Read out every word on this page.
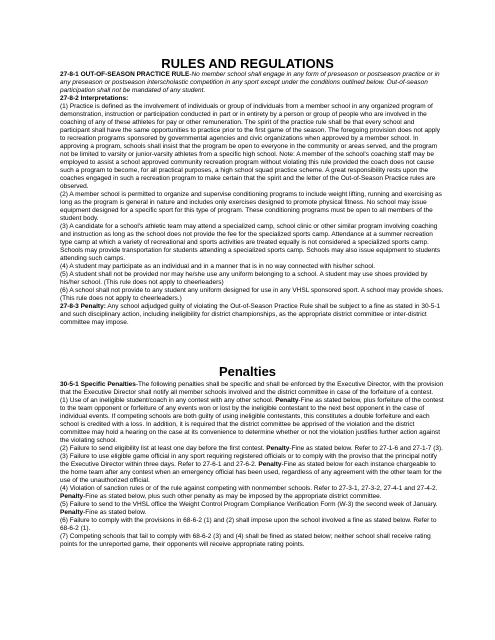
RULES AND REGULATIONS

27-8-1 OUT-OF-SEASON PRACTICE RULE-No member school shall engage in any form of preseason or postseason practice or in any preseason or postseason interscholastic competition in any sport except under the conditions outlined below. Out-of-season participation shall not be mandated of any student.

27-8-2 Interpretations:

(1) Practice is defined as the involvement of individuals or group of individuals from a member school in any organized program of demonstration, instruction or participation conducted in part or in entirety by a person or group of people who are involved in the coaching of any of these athletes for pay or other remuneration. The spirit of the practice rule shall be that every school and participant shall have the same opportunities to practice prior to the first game of the season. The foregoing provision does not apply to recreation programs sponsored by governmental agencies and civic organizations when approved by a member school. In approving a program, schools shall insist that the program be open to everyone in the community or areas served, and the program not be limited to varsity or junior-varsity athletes from a specific high school. Note: A member of the school's coaching staff may be employed to assist a school approved community recreation program without violating this rule provided the coach does not cause such a program to become, for all practical purposes, a high school squad practice scheme. A great responsibility rests upon the coaches engaged in such a recreation program to make certain that the spirit and the letter of the Out-of-Season Practice rules are observed.

(2) A member school is permitted to organize and supervise conditioning programs to include weight lifting, running and exercising as long as the program is general in nature and includes only exercises designed to promote physical fitness. No school may issue equipment designed for a specific sport for this type of program. These conditioning programs must be open to all members of the student body.

(3) A candidate for a school's athletic team may attend a specialized camp, school clinic or other similar program involving coaching and instruction as long as the school does not provide the fee for the specialized sports camp. Attendance at a summer recreation type camp at which a variety of recreational and sports activities are treated equally is not considered a specialized sports camp. Schools may provide transportation for students attending a specialized sports camp. Schools may also issue equipment to students attending such camps.

(4) A student may participate as an individual and in a manner that is in no way connected with his/her school.

(5) A student shall not be provided nor may he/she use any uniform belonging to a school. A student may use shoes provided by his/her school. (This rule does not apply to cheerleaders)

(6) A school shall not provide to any student any uniform designed for use in any VHSL sponsored sport. A school may provide shoes. (This rule does not apply to cheerleaders.)

27-8-3 Penalty: Any school adjudged guilty of violating the Out-of-Season Practice Rule shall be subject to a fine as stated in 30-5-1 and such disciplinary action, including ineligibility for district championships, as the appropriate district committee or inter-district committee may impose.

Penalties

30-5-1 Specific Penalties-The following penalties shall be specific and shall be enforced by the Executive Director, with the provision that the Executive Director shall notify all member schools involved and the district committee in case of the forfeiture of a contest.

(1) Use of an ineligible student/coach in any contest with any other school. Penalty-Fine as stated below, plus forfeiture of the contest to the team opponent or forfeiture of any events won or lost by the ineligible contestant to the next best opponent in the case of individual events. If competing schools are both guilty of using ineligible contestants, this constitutes a double forfeiture and each school is credited with a loss. In addition, it is required that the district committee be apprised of the violation and the district committee may hold a hearing on the case at its convenience to determine whether or not the violation justifies further action against the violating school.

(2) Failure to send eligibility list at least one day before the first contest. Penalty-Fine as stated below. Refer to 27-1-6 and 27-1-7 (3).

(3) Failure to use eligible game official in any sport requiring registered officials or to comply with the proviso that the principal notify the Executive Director within three days. Refer to 27-6-1 and 27-6-2. Penalty-Fine as stated below for each instance chargeable to the home team after any contest when an emergency official has been used, regardless of any agreement with the other team for the use of the unauthorized official.

(4) Violation of sanction rules or of the rule against competing with nonmember schools. Refer to 27-3-1, 27-3-2, 27-4-1 and 27-4-2. Penalty-Fine as stated below, plus such other penalty as may be imposed by the appropriate district committee.

(5) Failure to send to the VHSL office the Weight Control Program Compliance Verification Form (W-3) the second week of January. Penalty-Fine as stated below.

(6) Failure to comply with the provisions in 68-6-2 (1) and (2) shall impose upon the school involved a fine as stated below. Refer to 68-6-2 (1).

(7) Competing schools that fail to comply with 68-6-2 (3) and (4) shall be fined as stated below; neither school shall receive rating points for the unreported game, their opponents will receive appropriate rating points.
